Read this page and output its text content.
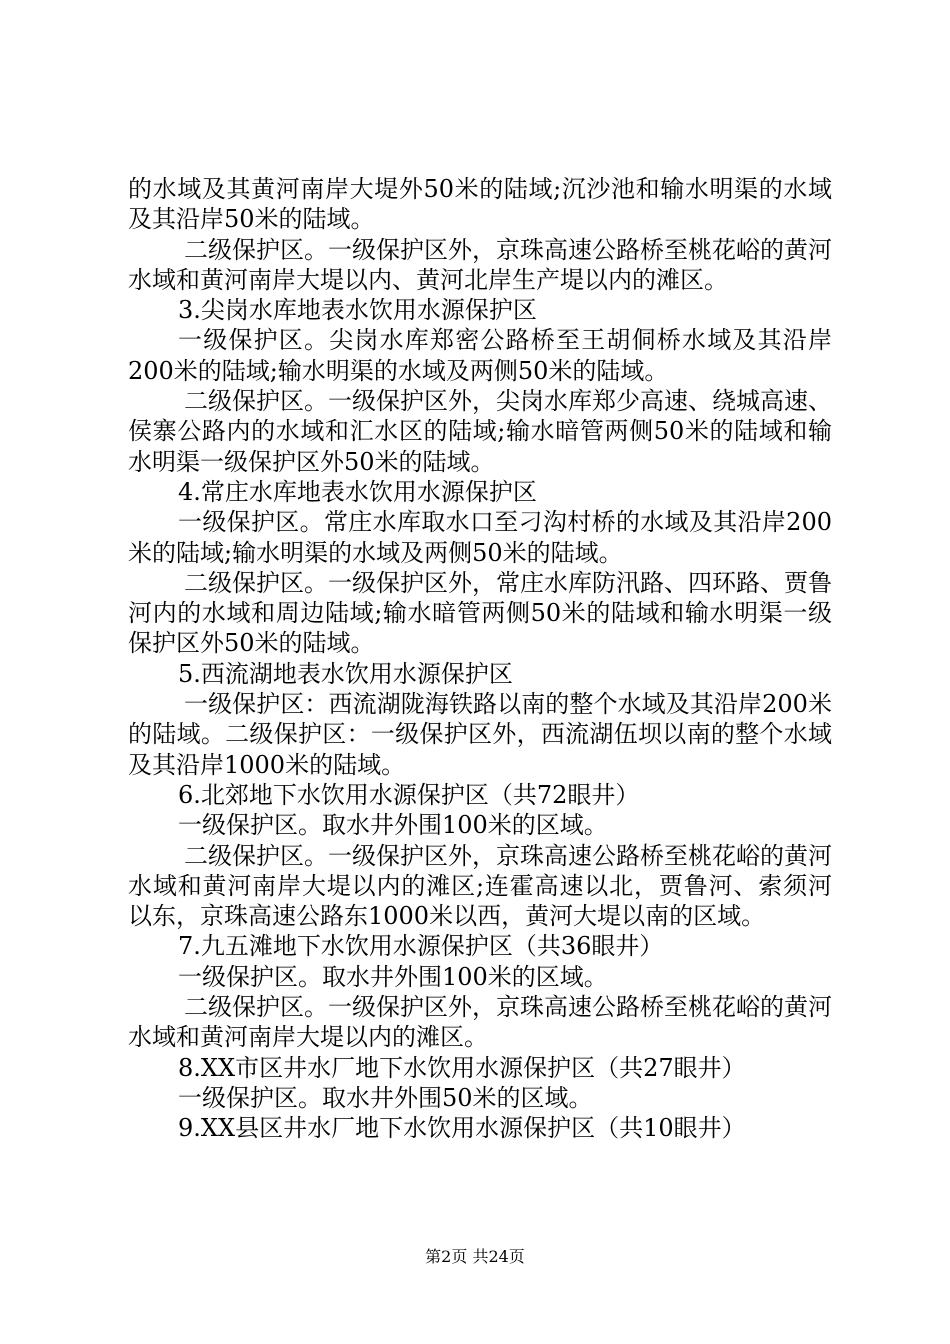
的水域及其黄河南岸大堤外50米的陆域;沉沙池和输水明渠的水域及其沿岸50米的陆域。

二级保护区。一级保护区外，京珠高速公路桥至桃花峪的黄河水域和黄河南岸大堤以内、黄河北岸生产堤以内的滩区。

3.尖岗水库地表水饮用水源保护区

一级保护区。尖岗水库郑密公路桥至王胡侗桥水域及其沿岸200米的陆域;输水明渠的水域及两侧50米的陆域。

二级保护区。一级保护区外，尖岗水库郑少高速、绕城高速、侯寨公路内的水域和汇水区的陆域;输水暗管两侧50米的陆域和输水明渠一级保护区外50米的陆域。

4.常庄水库地表水饮用水源保护区

一级保护区。常庄水库取水口至刁沟村桥的水域及其沿岸200米的陆域;输水明渠的水域及两侧50米的陆域。

二级保护区。一级保护区外，常庄水库防汛路、四环路、贾鲁河内的水域和周边陆域;输水暗管两侧50米的陆域和输水明渠一级保护区外50米的陆域。

5.西流湖地表水饮用水源保护区

一级保护区：西流湖陇海铁路以南的整个水域及其沿岸200米的陆域。二级保护区：一级保护区外，西流湖伍坝以南的整个水域及其沿岸1000米的陆域。

6.北郊地下水饮用水源保护区（共72眼井）

一级保护区。取水井外围100米的区域。

二级保护区。一级保护区外，京珠高速公路桥至桃花峪的黄河水域和黄河南岸大堤以内的滩区;连霍高速以北，贾鲁河、索须河以东，京珠高速公路东1000米以西，黄河大堤以南的区域。

7.九五滩地下水饮用水源保护区（共36眼井）

一级保护区。取水井外围100米的区域。

二级保护区。一级保护区外，京珠高速公路桥至桃花峪的黄河水域和黄河南岸大堤以内的滩区。

8.XX市区井水厂地下水饮用水源保护区（共27眼井）

一级保护区。取水井外围50米的区域。

9.XX县区井水厂地下水饮用水源保护区（共10眼井）

第2页 共24页
